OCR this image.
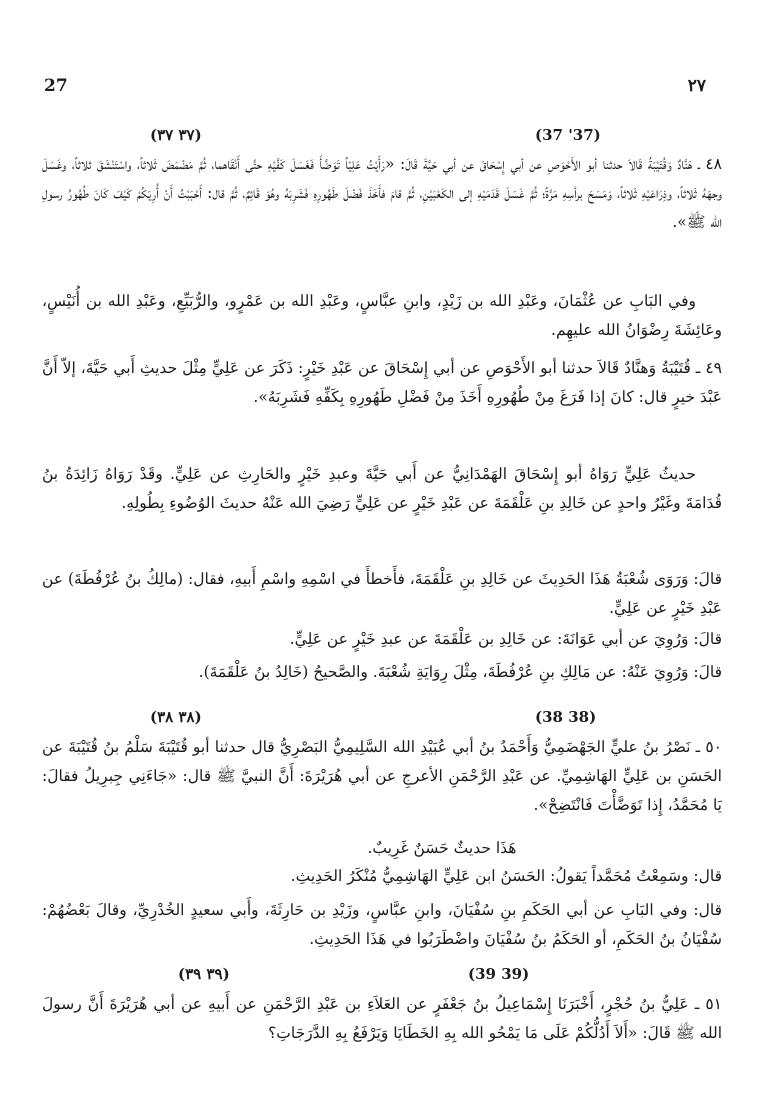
27	٢٧
(٣٧ ٣٧)	(37 '37)
٤٨ ـ هَنَّادٌ وَقُتَيْبَةُ قَالاَ حدثنا أبو الأَحْوَصِ عن أبي إِسْحَاقَ عن أبي حَيَّةَ قَالَ: «رَأَيْتُ عَلِيّاً تَوَضَّأَ فَغَسَلَ كَفَّيْهِ حتَّى أَنْقَاهما، ثُمَّ مَضْمَضَ ثَلاثاً، واسْتَنْشَقَ ثلاثاً، وغَسَلَ وجهَهُ ثَلاثاً، وذِرَاعَيْهِ ثَلاثاً، وَمَسَحَ برأسِهِ مَرَّةً؛ ثُمَّ غَسَلَ قَدَمَيْهِ إلى الكَعْبَيْنِ، ثُمَّ قامَ فأَخَذَ فَضْلَ طَهُورِهِ فَشَرِبَهُ وهُوَ قَائِمٌ، ثُمَّ قال: أَحْبَبْتُ أَنْ أُرِيَكُمْ كَيْفَ كَانَ طُهُورُ رسولِ الله ﷺ».
وفي البَابِ عن عُثْمَانَ، وعَبْدِ الله بن زَيْدٍ، وابنِ عبَّاسٍ، وعَبْدِ الله بن عَمْرٍو، والرُّبَيِّعِ، وعَبْدِ الله بن أُنَيْسٍ، وعَائِشَةَ رِضْوَانُ الله عليهِم.
٤٩ ـ قُتَيْبَةُ وَهنَّادٌ قَالاَ حدثنا أبو الأَحْوَصِ عن أبي إِسْحَاقَ عن عَبْدِ خَيْرٍ: ذَكَرَ عن عَلِيٍّ مِثْلَ حديثِ أَبي حَيَّةَ، إلاّ أَنَّ عَبْدَ خيرٍ قال: كانَ إذا فَرَغَ مِنْ طُهُورِهِ أَخَذَ مِنْ فَضْلِ طَهُورِهِ بِكَفِّهِ فَشَرِبَهُ».
حديثُ عَلِيٍّ رَوَاهُ أبو إِسْحَاقَ الهَمْدَانِيُّ عن أَبي حَيَّةَ وعبدِ خَيْرٍ والحَارِثِ عن عَلِيٍّ. وقَدْ رَوَاهُ زَائِدَةُ بنُ قُدَامَةَ وغَيْرُ واحدٍ عن خَالِدِ بنِ عَلْقَمَةَ عن عَبْدِ خَيْرٍ عن عَلِيٍّ رَضِيَ الله عَنْهُ حديثَ الوُضُوءِ بِطُولِهِ.
قالَ: وَرَوَى شُعْبَةُ هَذَا الحَدِيثَ عن خَالِدِ بنِ عَلْقَمَةَ، فأَخطأَ في اسْمِهِ واسْمِ أَبيهِ، فقال: (مالِكُ بنُ عُرْفُطَةَ) عن عَبْدِ خَيْرٍ عن عَلِيٍّ.
قالَ: وَرُوِيَ عن أبي عَوَانَةَ: عن خَالِدِ بن عَلْقَمَةَ عن عبدِ خَيْرٍ عن عَلِيٍّ.
قالَ: وَرُوِيَ عَنْهُ: عن مَالِكِ بنِ عُرْفُطَةَ، مِثْلَ رِوَايَةِ شُعْبَةَ. والصَّحيحُ (خَالِدُ بنُ عَلْقَمَةَ).
(٣٨ ٣٨)	(38 38)
٥٠ ـ نَصْرُ بنُ عليٍّ الجَهْضَمِيُّ وَأَحْمَدُ بنُ أبي عُبَيْدِ الله السَّلِيمِيُّ البَصْرِيُّ قال حدثنا أبو قُتَيْبَةَ سَلْمُ بنُ قُتَيْبَةَ عن الحَسَنِ بن عَلِيٍّ الهَاشِمِيِّ. عن عَبْدِ الرَّحْمَنِ الأعرجِ عن أبي هُرَيْرَةَ: أَنَّ النبيَّ ﷺ قال: «جَاءَنِي جِبرِيلُ فقالَ: يَا مُحَمَّدُ، إِذا تَوَضَّأْتَ فَانْتَضِحْ».
هَذَا حديثٌ حَسَنٌ غَرِيبٌ.
قال: وسَمِعْتُ مُحَمَّداً يَقولُ: الحَسَنُ ابن عَلِيٍّ الهَاشِمِيُّ مُنْكَرُ الحَدِيثِ.
قال: وفي البَابِ عن أبي الحَكَمِ بنِ سُفْيَانَ، وابنِ عبَّاسٍ، وزَيْدِ بن حَارِثَةَ، وأَبي سعيدٍ الخُدْرِيِّ، وقالَ بَعْضُهُمْ: سُفْيَانُ بنُ الحَكَمِ، أو الحَكَمُ بنُ سُفْيَانَ واضْطَرَبُوا في هَذَا الحَدِيثِ.
(٣٩ ٣٩)	(39 39)
٥١ ـ عَلِيُّ بنُ حُجْرٍ، أَخْبَرَنَا إِسْمَاعِيلُ بنُ جَعْفَرٍ عن العَلاَءِ بن عَبْدِ الرَّحْمَنِ عن أَبيهِ عن أبي هُرَيْرَةَ أَنَّ رسولَ الله ﷺ قَالَ: «أَلاَ أَدُلُّكُمْ عَلَى مَا يَمْحُو الله بِهِ الخَطَايَا وَيَرْفَعُ بِهِ الدَّرَجَاتِ؟
